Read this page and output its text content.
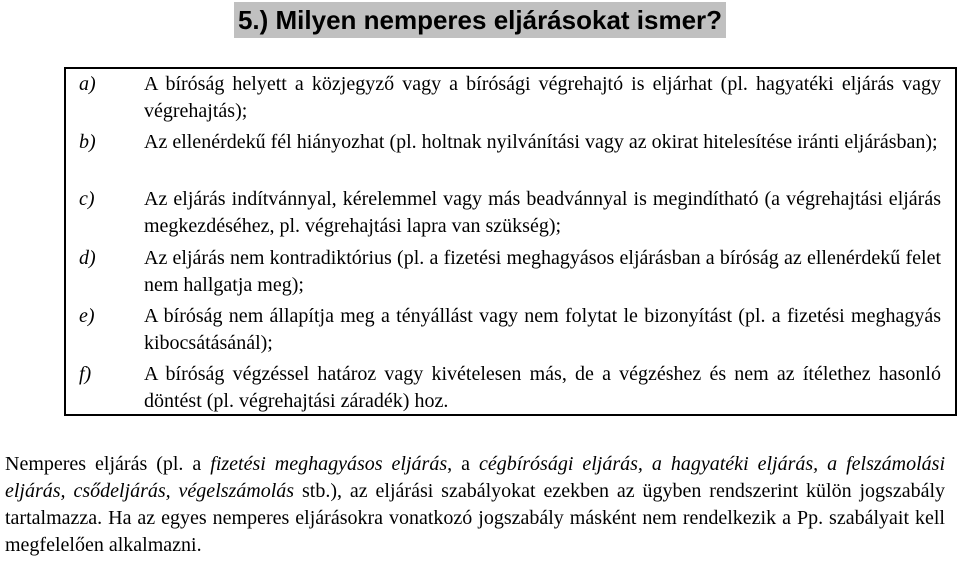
5.) Milyen nemperes eljárásokat ismer?
a) A bíróság helyett a közjegyző vagy a bírósági végrehajtó is eljárhat (pl. hagyatéki eljárás vagy végrehajtás);
b) Az ellenérdekű fél hiányozhat (pl. holtnak nyilvánítási vagy az okirat hitelesítése iránti eljárásban);
c) Az eljárás indítvánnyal, kérelemmel vagy más beadvánnyal is megindítható (a végrehajtási eljárás megkezdéséhez, pl. végrehajtási lapra van szükség);
d) Az eljárás nem kontradiktórius (pl. a fizetési meghagyásos eljárásban a bíróság az ellenérdekű felet nem hallgatja meg);
e) A bíróság nem állapítja meg a tényállást vagy nem folytat le bizonyítást (pl. a fizetési meghagyás kibocsátásánál);
f)	A bíróság végzéssel határoz vagy kivételesen más, de a végzéshez és nem az ítélethez hasonló döntést (pl. végrehajtási záradék) hoz.
Nemperes eljárás (pl. a fizetési meghagyásos eljárás, a cégbírósági eljárás, a hagyatéki eljárás, a felszámolási eljárás, csődeljárás, végelszámolás stb.), az eljárási szabályokat ezekben az ügyben rendszerint külön jogszabály tartalmazza. Ha az egyes nemperes eljárásokra vonatkozó jogszabály másként nem rendelkezik a Pp. szabályait kell megfelelően alkalmazni.
